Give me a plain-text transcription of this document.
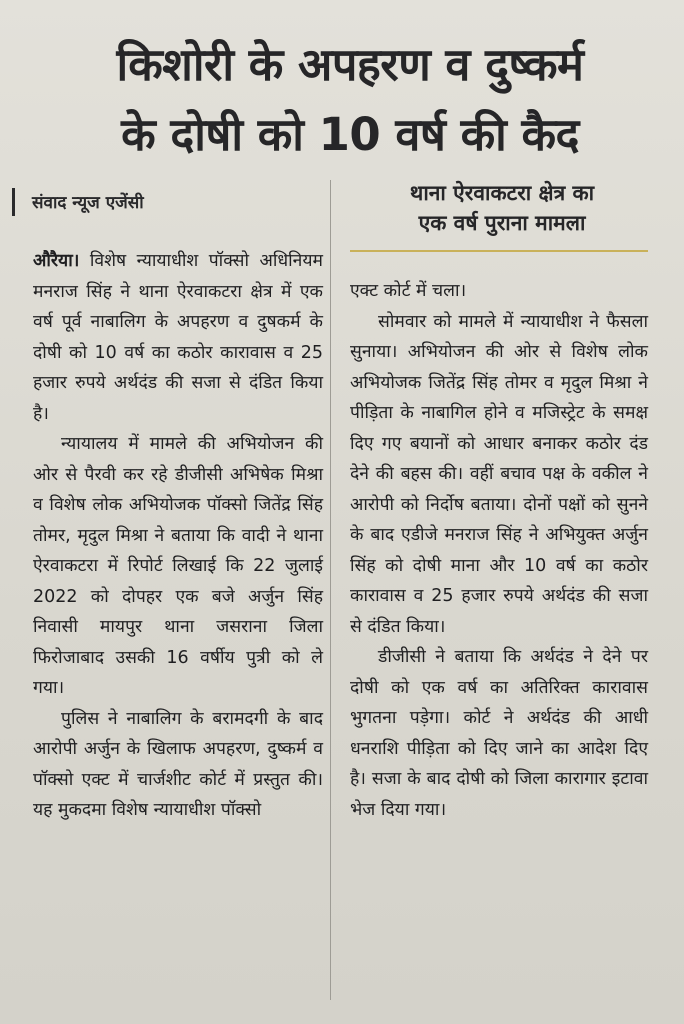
किशोरी के अपहरण व दुष्कर्म
के दोषी को 10 वर्ष की कैद
संवाद न्यूज एजेंसी	थाना ऐरवाकटरा क्षेत्र का
एक वर्ष पुराना मामला

औरैया। विशेष न्यायाधीश पॉक्सो अधिनियम मनराज सिंह ने थाना ऐरवाकटरा क्षेत्र में एक वर्ष पूर्व नाबालिग के अपहरण व दुषकर्म के दोषी को 10 वर्ष का कठोर कारावास व 25 हजार रुपये अर्थदंड की सजा से दंडित किया है।

न्यायालय में मामले की अभियोजन की ओर से पैरवी कर रहे डीजीसी अभिषेक मिश्रा व विशेष लोक अभियोजक पॉक्सो जितेंद्र सिंह तोमर, मृदुल मिश्रा ने बताया कि वादी ने थाना ऐरवाकटरा में रिपोर्ट लिखाई कि 22 जुलाई 2022 को दोपहर एक बजे अर्जुन सिंह निवासी मायपुर थाना जसराना जिला फिरोजाबाद उसकी 16 वर्षीय पुत्री को ले गया।

पुलिस ने नाबालिग के बरामदगी के बाद आरोपी अर्जुन के खिलाफ अपहरण, दुष्कर्म व पॉक्सो एक्ट में चार्जशीट कोर्ट में प्रस्तुत की। यह मुकदमा विशेष न्यायाधीश पॉक्सो

एक्ट कोर्ट में चला।

सोमवार को मामले में न्यायाधीश ने फैसला सुनाया। अभियोजन की ओर से विशेष लोक अभियोजक जितेंद्र सिंह तोमर व मृदुल मिश्रा ने पीड़िता के नाबागिल होने व मजिस्ट्रेट के समक्ष दिए गए बयानों को आधार बनाकर कठोर दंड देने की बहस की। वहीं बचाव पक्ष के वकील ने आरोपी को निर्दोष बताया। दोनों पक्षों को सुनने के बाद एडीजे मनराज सिंह ने अभियुक्त अर्जुन सिंह को दोषी माना और 10 वर्ष का कठोर कारावास व 25 हजार रुपये अर्थदंड की सजा से दंडित किया।

डीजीसी ने बताया कि अर्थदंड ने देने पर दोषी को एक वर्ष का अतिरिक्त कारावास भुगतना पड़ेगा। कोर्ट ने अर्थदंड की आधी धनराशि पीड़िता को दिए जाने का आदेश दिए है। सजा के बाद दोषी को जिला कारागार इटावा भेज दिया गया।
